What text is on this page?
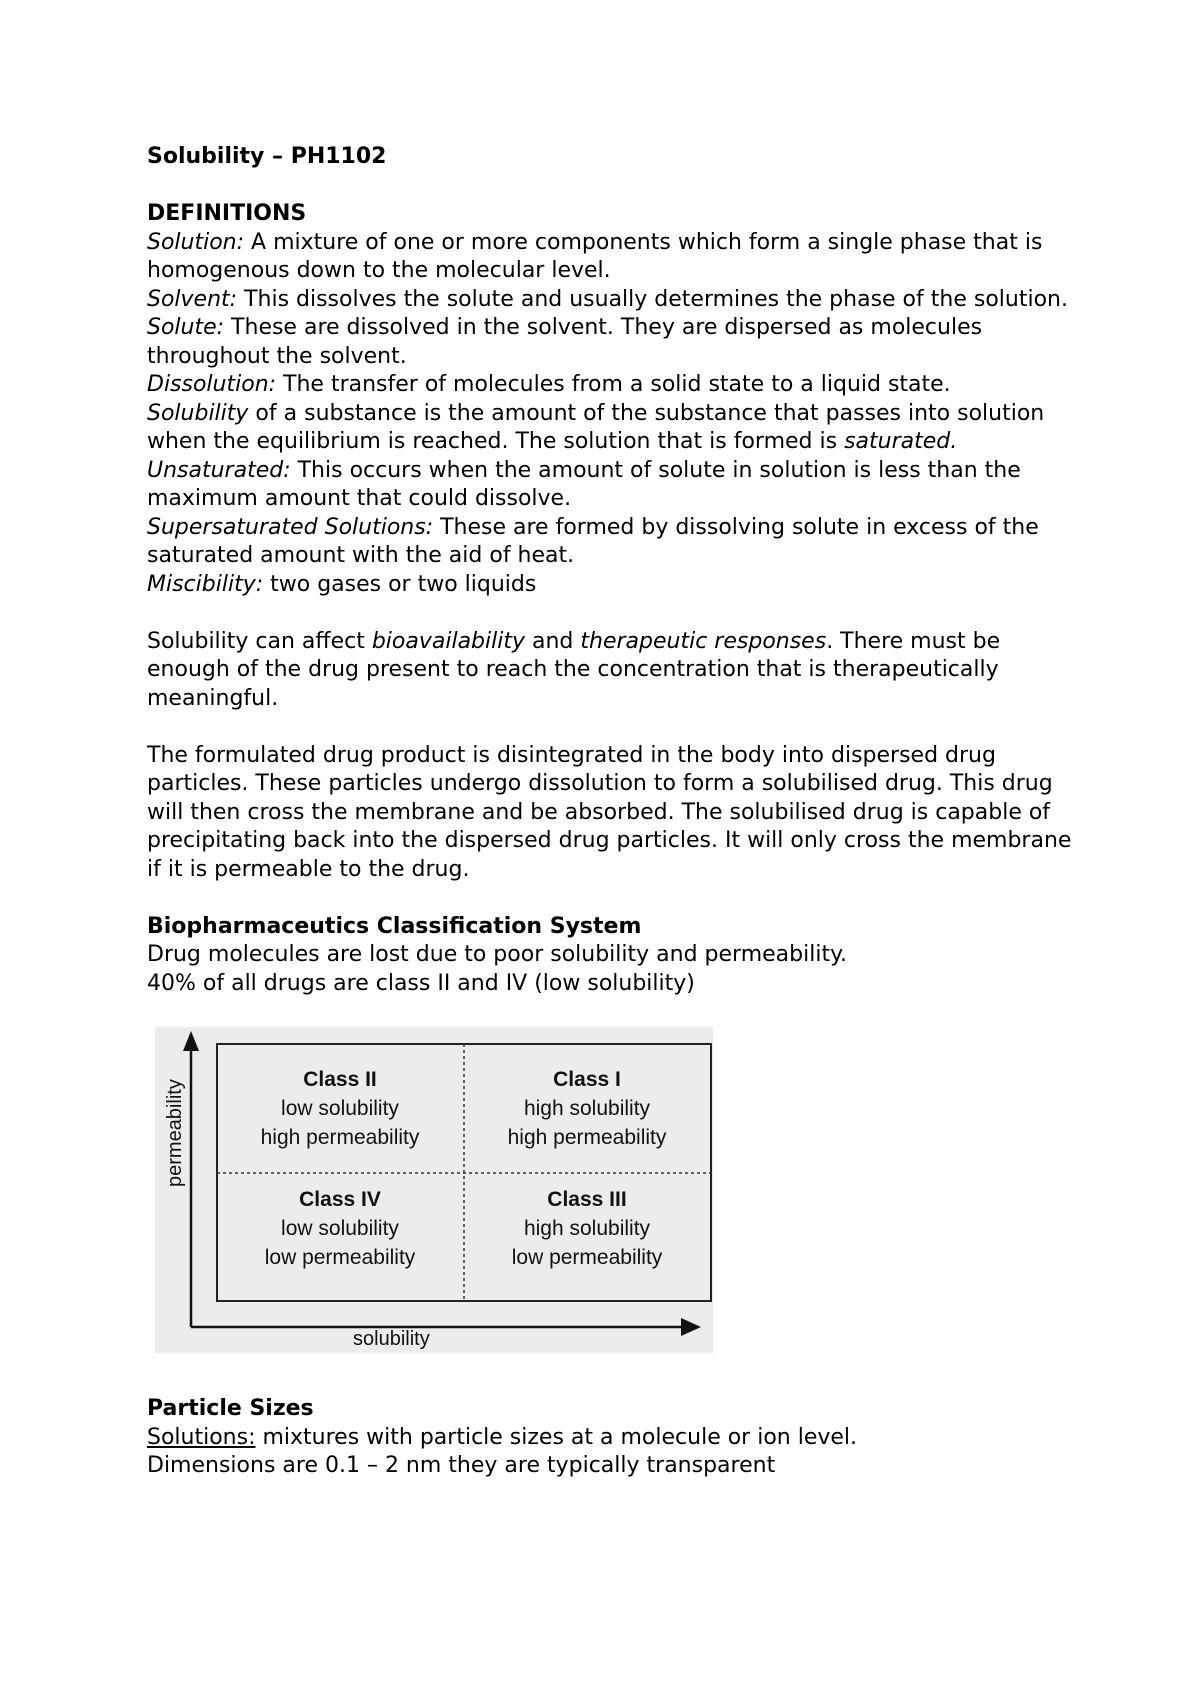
Solubility – PH1102

DEFINITIONS

Solution: A mixture of one or more components which form a single phase that is homogenous down to the molecular level.

Solvent: This dissolves the solute and usually determines the phase of the solution.

Solute: These are dissolved in the solvent. They are dispersed as molecules throughout the solvent.

Dissolution: The transfer of molecules from a solid state to a liquid state.

Solubility of a substance is the amount of the substance that passes into solution when the equilibrium is reached. The solution that is formed is saturated.

Unsaturated: This occurs when the amount of solute in solution is less than the maximum amount that could dissolve.

Supersaturated Solutions: These are formed by dissolving solute in excess of the saturated amount with the aid of heat.

Miscibility: two gases or two liquids

Solubility can affect bioavailability and therapeutic responses. There must be enough of the drug present to reach the concentration that is therapeutically meaningful.

The formulated drug product is disintegrated in the body into dispersed drug particles. These particles undergo dissolution to form a solubilised drug. This drug will then cross the membrane and be absorbed. The solubilised drug is capable of precipitating back into the dispersed drug particles. It will only cross the membrane if it is permeable to the drug.

Biopharmaceutics Classification System

Drug molecules are lost due to poor solubility and permeability.

40% of all drugs are class II and IV (low solubility)

Class II
low solubility
high permeability
Class I
high solubility
high permeability
Class IV
low solubility
low permeability
Class III
high solubility
low permeability
permeability
solubility

Particle Sizes

Solutions: mixtures with particle sizes at a molecule or ion level.

Dimensions are 0.1 – 2 nm they are typically transparent
